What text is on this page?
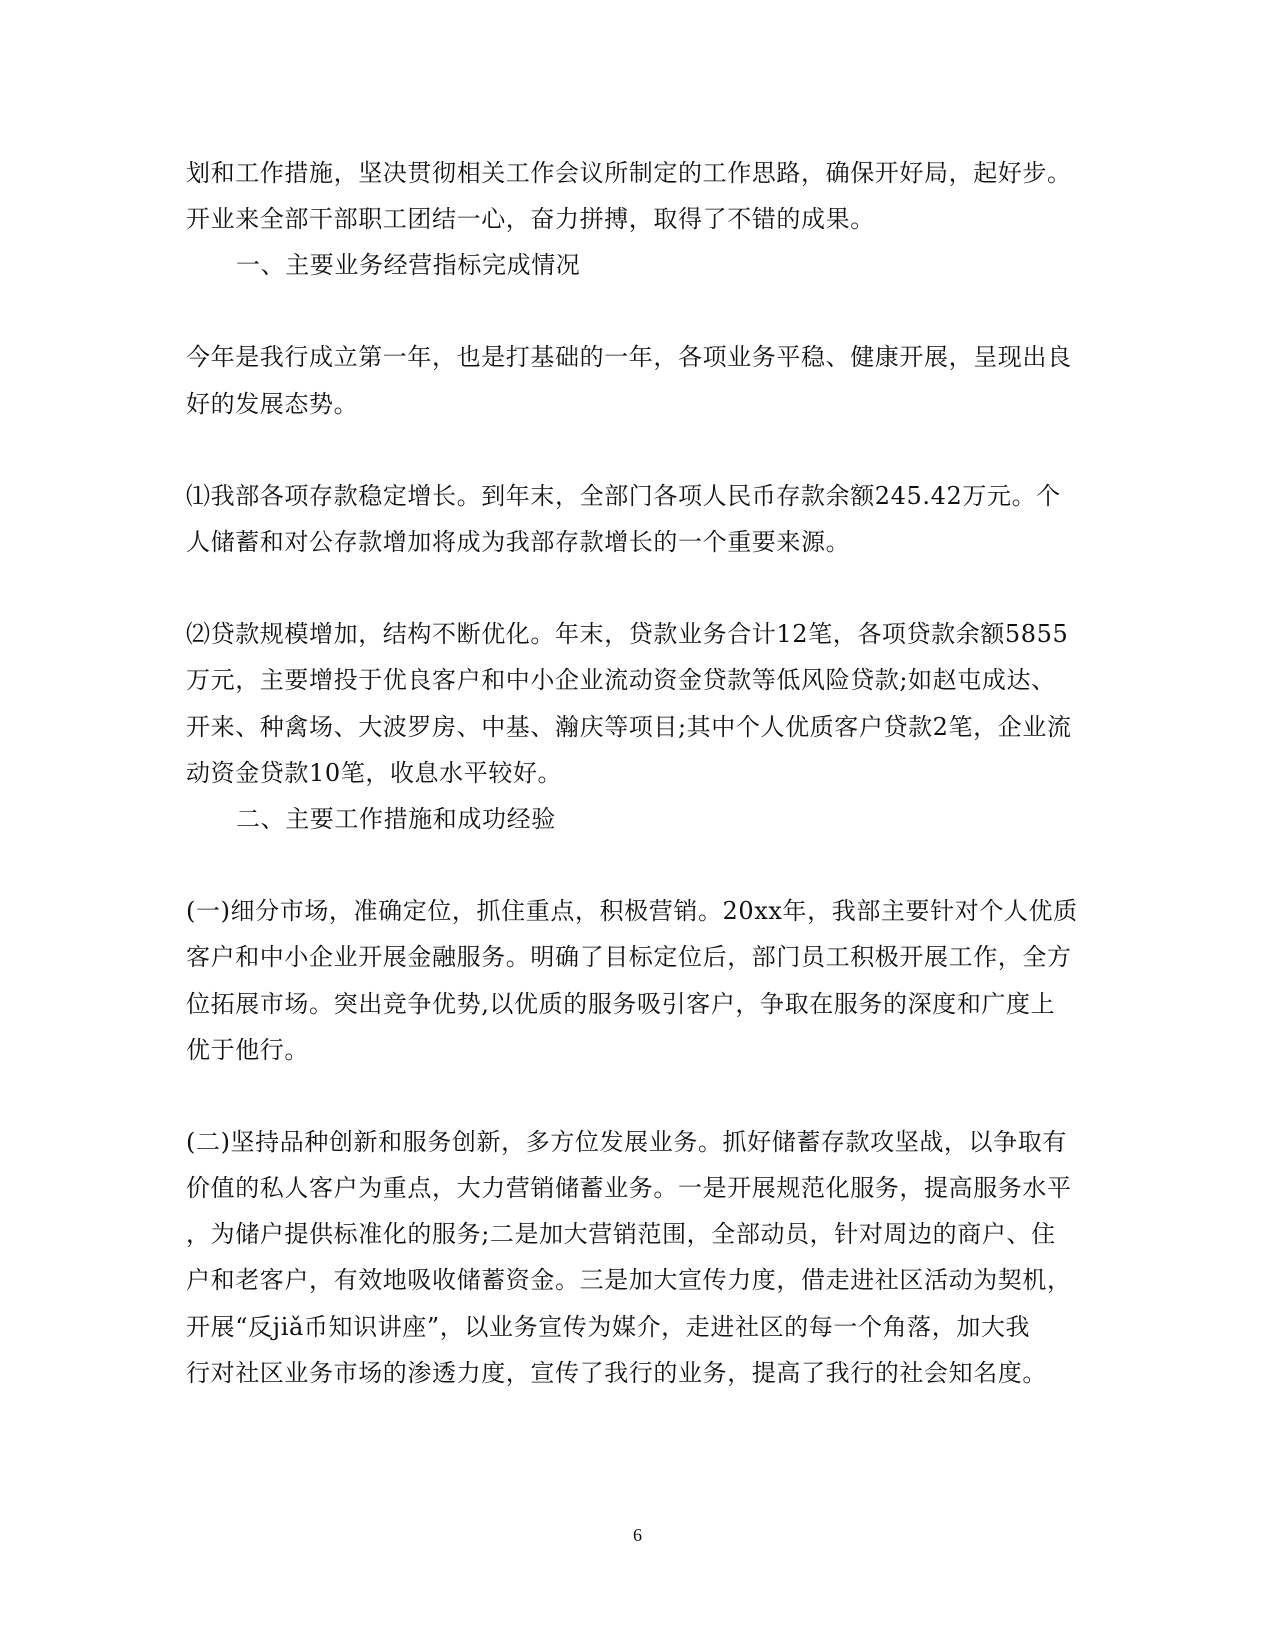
划和工作措施，坚决贯彻相关工作会议所制定的工作思路，确保开好局，起好步。
开业来全部干部职工团结一心，奋力拼搏，取得了不错的成果。
一、主要业务经营指标完成情况
今年是我行成立第一年，也是打基础的一年，各项业务平稳、健康开展，呈现出良
好的发展态势。
⑴我部各项存款稳定增长。到年末，全部门各项人民币存款余额245.42万元。个
人储蓄和对公存款增加将成为我部存款增长的一个重要来源。
⑵贷款规模增加，结构不断优化。年末，贷款业务合计12笔，各项贷款余额5855
万元，主要增投于优良客户和中小企业流动资金贷款等低风险贷款;如赵屯成达、
开来、种禽场、大波罗房、中基、瀚庆等项目;其中个人优质客户贷款2笔，企业流
动资金贷款10笔，收息水平较好。
二、主要工作措施和成功经验
(一)细分市场，准确定位，抓住重点，积极营销。20xx年，我部主要针对个人优质
客户和中小企业开展金融服务。明确了目标定位后，部门员工积极开展工作，全方
位拓展市场。突出竞争优势,以优质的服务吸引客户，争取在服务的深度和广度上
优于他行。
(二)坚持品种创新和服务创新，多方位发展业务。抓好储蓄存款攻坚战，以争取有
价值的私人客户为重点，大力营销储蓄业务。一是开展规范化服务，提高服务水平
，为储户提供标准化的服务;二是加大营销范围，全部动员，针对周边的商户、住
户和老客户，有效地吸收储蓄资金。三是加大宣传力度，借走进社区活动为契机，
开展“反jiǎ币知识讲座”，以业务宣传为媒介，走进社区的每一个角落，加大我
行对社区业务市场的渗透力度，宣传了我行的业务，提高了我行的社会知名度。
6
